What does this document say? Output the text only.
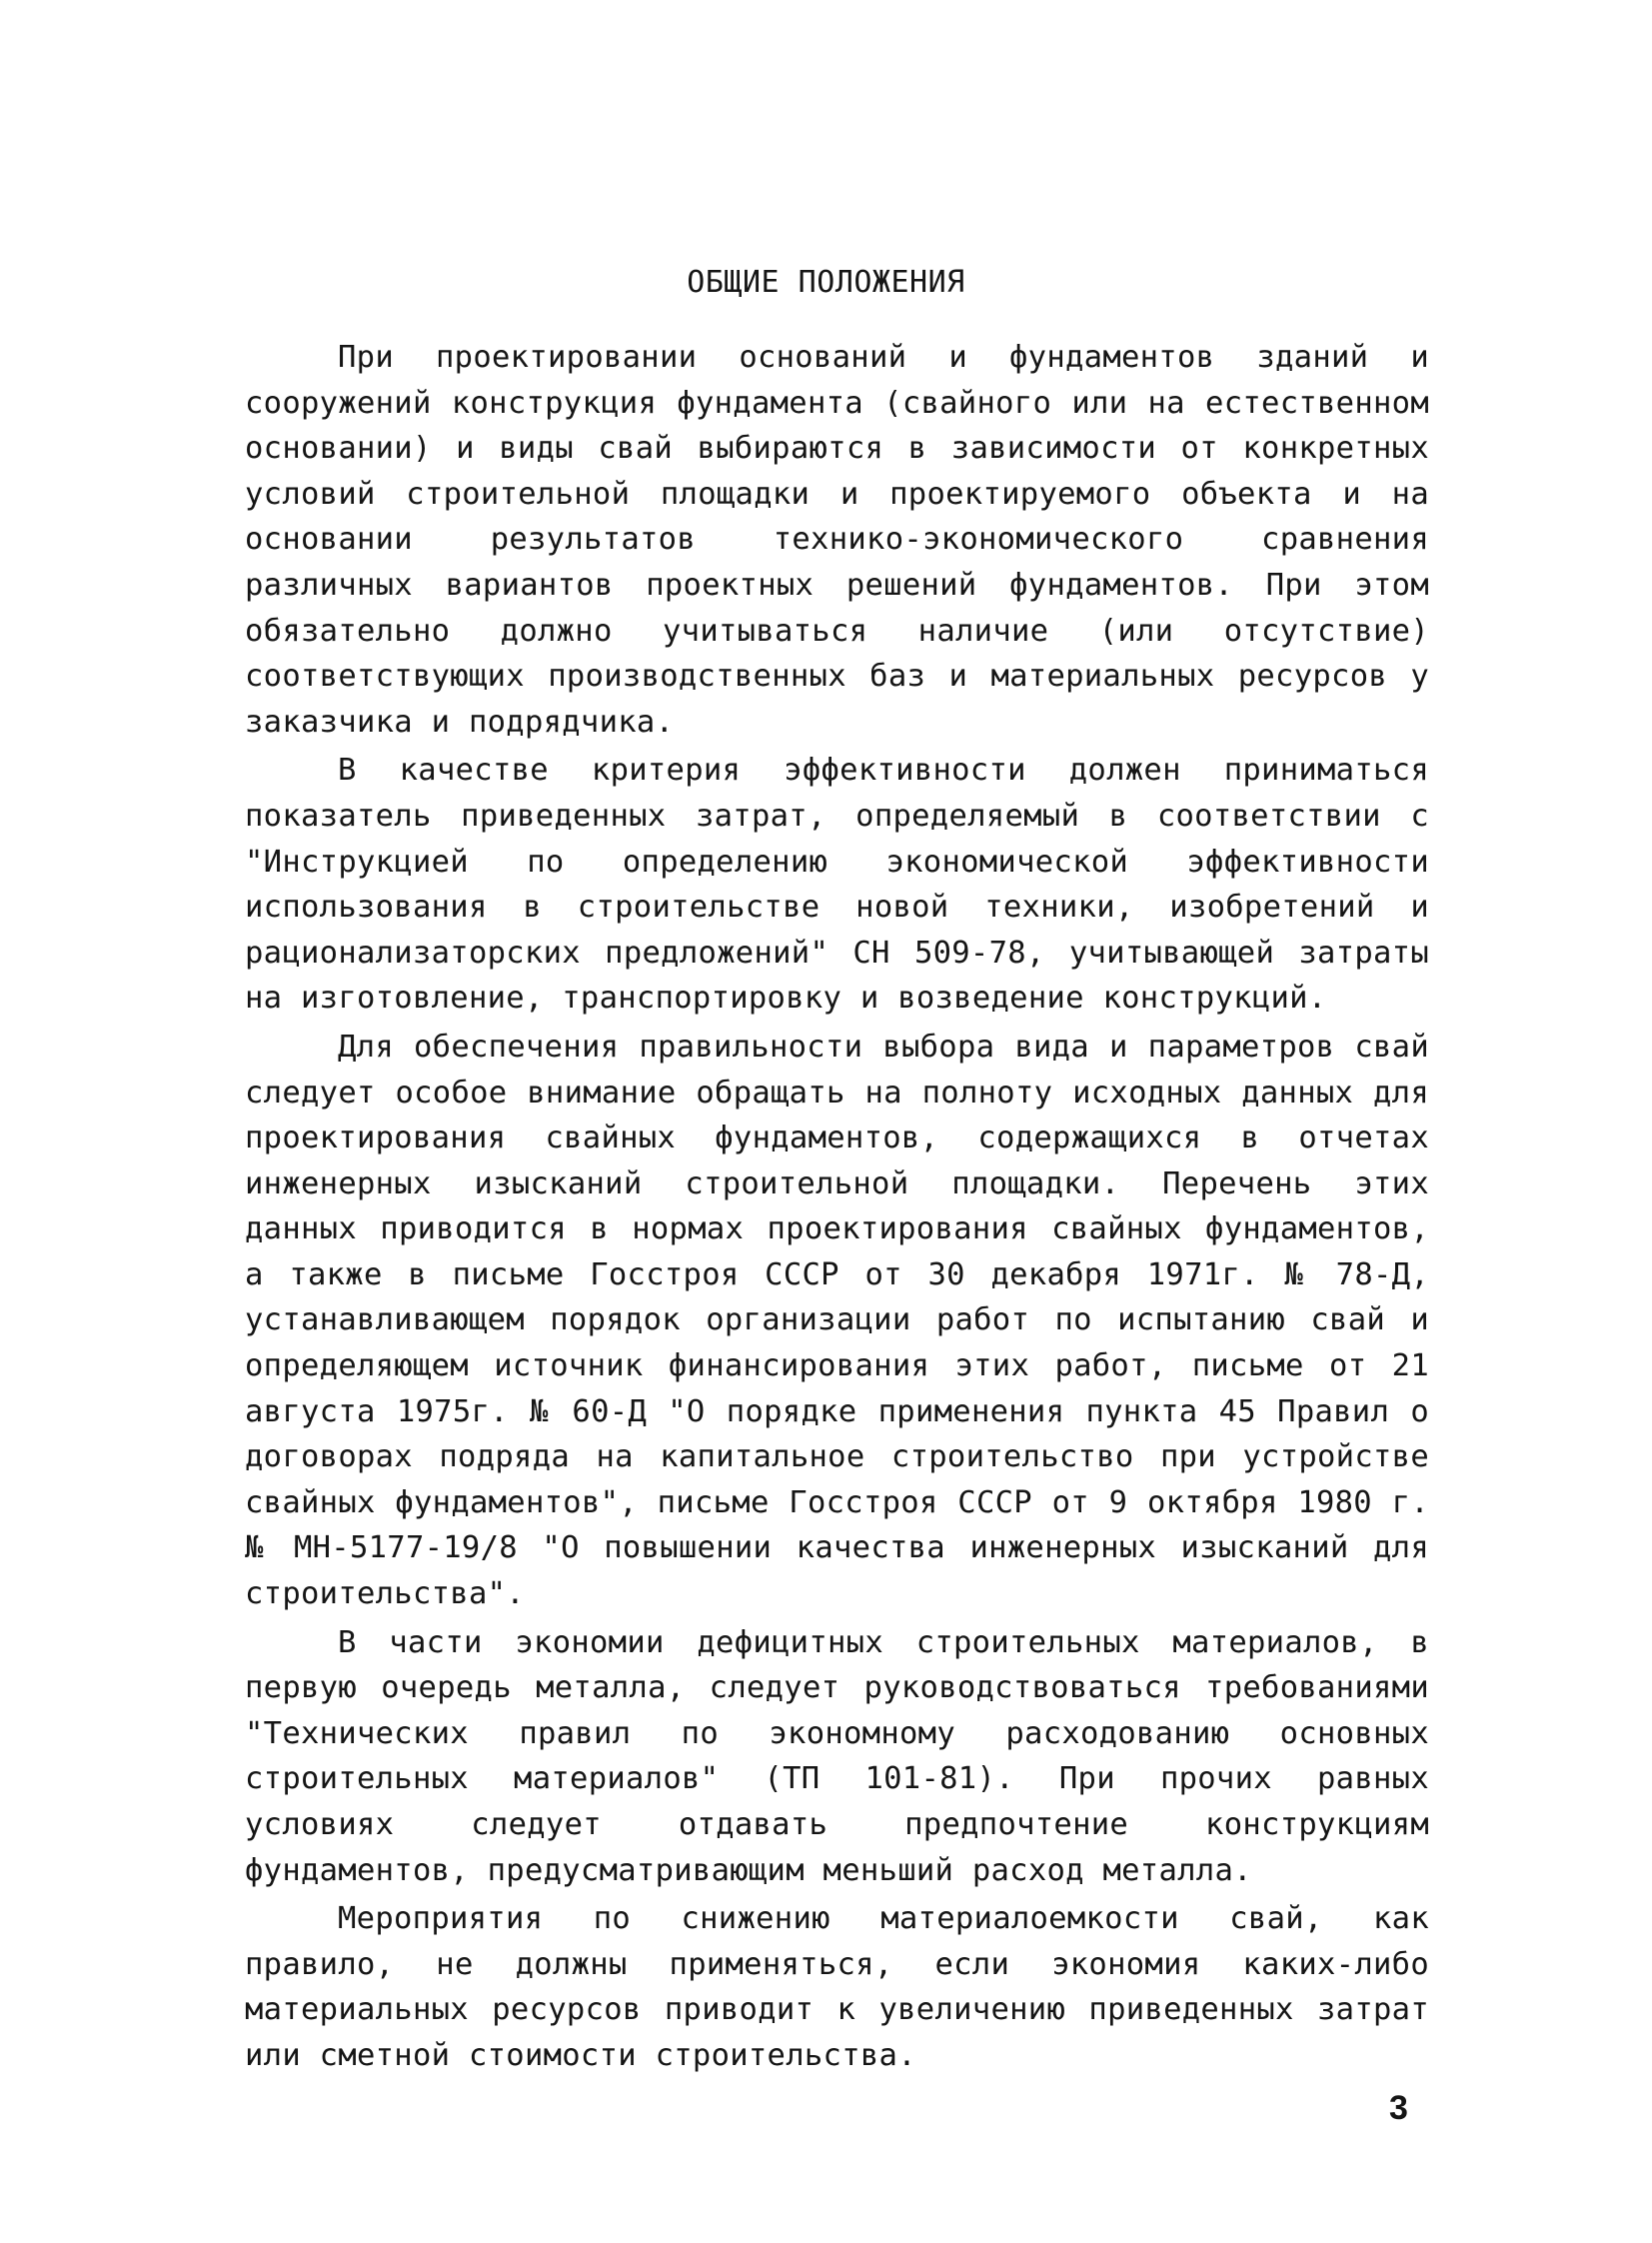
ОБЩИЕ ПОЛОЖЕНИЯ

При проектировании оснований и фундаментов зданий и сооружений конструкция фундамента (свайного или на естественном основании) и виды свай выбираются в зависимости от конкретных условий строительной площадки и проектируемого объекта и на основании результатов технико-экономического сравнения различных вариантов проектных решений фундаментов. При этом обязательно должно учитываться наличие (или отсутствие) соответствующих производственных баз и материальных ресурсов у заказчика и подрядчика.

В качестве критерия эффективности должен приниматься показатель приведенных затрат, определяемый в соответствии с "Инструкцией по определению экономической эффективности использования в строительстве новой техники, изобретений и рационализаторских предложений" СН 509-78, учитывающей затраты на изготовление, транспортировку и возведение конструкций.

Для обеспечения правильности выбора вида и параметров свай следует особое внимание обращать на полноту исходных данных для проектирования свайных фундаментов, содержащихся в отчетах инженерных изысканий строительной площадки. Перечень этих данных приводится в нормах проектирования свайных фундаментов, а также в письме Госстроя СССР от 30 декабря 1971г. № 78-Д, устанавливающем порядок организации работ по испытанию свай и определяющем источник финансирования этих работ, письме от 21 августа 1975г. № 60-Д "О порядке применения пункта 45 Правил о договорах подряда на капитальное строительство при устройстве свайных фундаментов", письме Госстроя СССР от 9 октября 1980 г. № МН-5177-19/8 "О повышении качества инженерных изысканий для строительства".

В части экономии дефицитных строительных материалов, в первую очередь металла, следует руководствоваться требованиями "Технических правил по экономному расходованию основных строительных материалов" (ТП 101-81). При прочих равных условиях следует отдавать предпочтение конструкциям фундаментов, предусматривающим меньший расход металла.

Мероприятия по снижению материалоемкости свай, как правило, не должны применяться, если экономия каких-либо материальных ресурсов приводит к увеличению приведенных затрат или сметной стоимости строительства.

3
